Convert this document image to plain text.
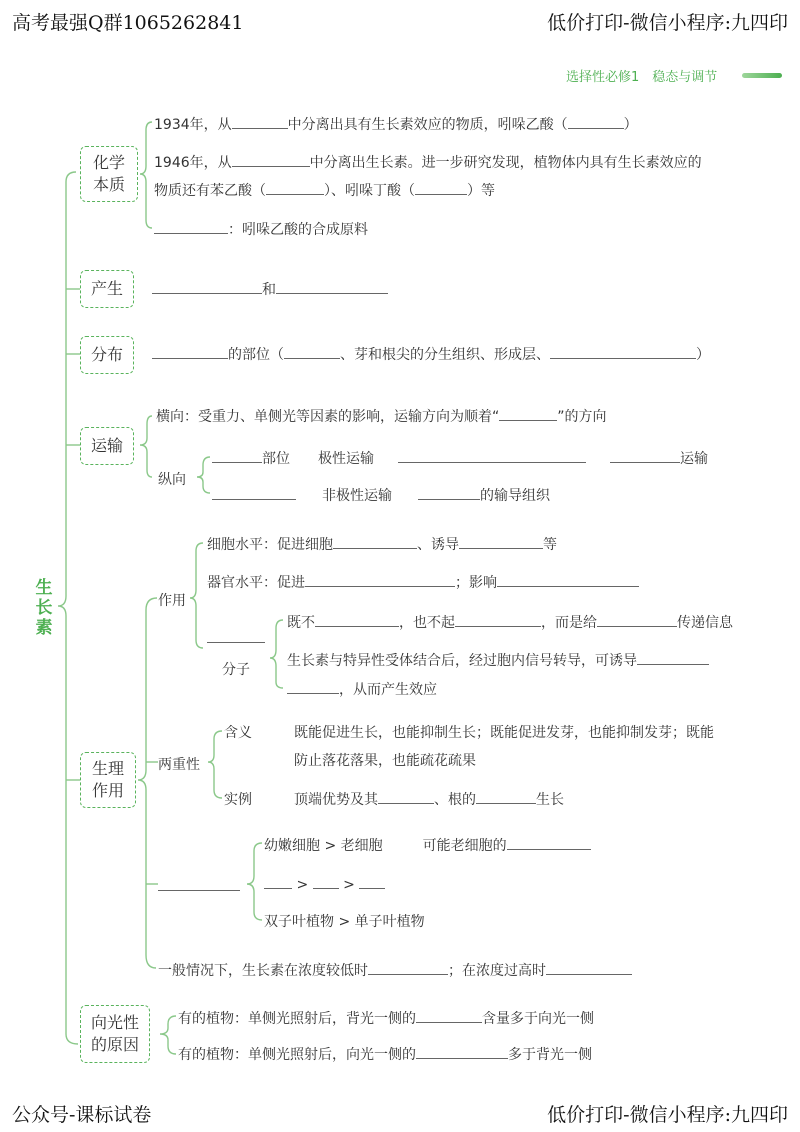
高考最强Q群1065262841	低价打印-微信小程序:九四印
选择性必修1　稳态与调节
公众号-课标试卷	低价打印-微信小程序:九四印
生长素
化学
本质
1934年，从	中分离出具有生长素效应的物质，吲哚乙酸（	）
1946年，从	中分离出生长素。进一步研究发现，植物体内具有生长素效应的
物质还有苯乙酸（	）、吲哚丁酸（	）等
：吲哚乙酸的合成原料
产生	和
分布	的部位（	、芽和根尖的分生组织、形成层、	）
运输
横向：受重力、单侧光等因素的影响，运输方向为顺着“	”的方向
纵向
部位 极性运输	运输
非极性运输	的输导组织
生理
作用
作用
细胞水平：促进细胞	、诱导	等
器官水平：促进	；影响
分子
既不	，也不起	，而是给	传递信息
生长素与特异性受体结合后，经过胞内信号转导，可诱导
，从而产生效应
两重性
含义	既能促进生长，也能抑制生长；既能促进发芽，也能抑制发芽；既能
防止落花落果，也能疏花疏果
实例	顶端优势及其	、根的	生长
幼嫩细胞 > 老细胞	可能老细胞的
> >
双子叶植物 > 单子叶植物
一般情况下，生长素在浓度较低时	；在浓度过高时
向光性
的原因
有的植物：单侧光照射后，背光一侧的	含量多于向光一侧
有的植物：单侧光照射后，向光一侧的	多于背光一侧
